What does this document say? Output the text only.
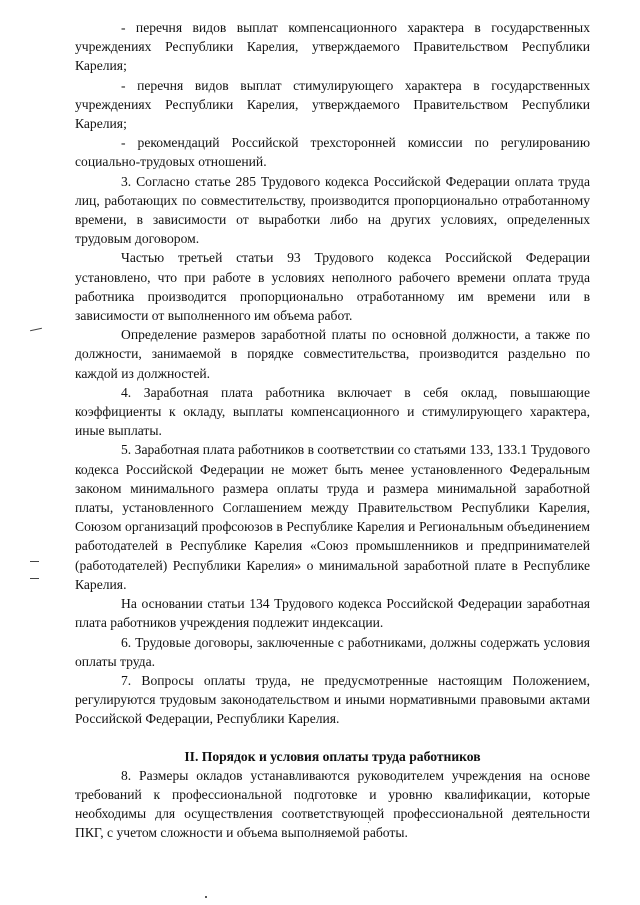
- перечня видов выплат компенсационного характера в государственных учреждениях Республики Карелия, утверждаемого Правительством Республики Карелия;

- перечня видов выплат стимулирующего характера в государственных учреждениях Республики Карелия, утверждаемого Правительством Республики Карелия;

- рекомендаций Российской трехсторонней комиссии по регулированию социально-трудовых отношений.

3. Согласно статье 285 Трудового кодекса Российской Федерации оплата труда лиц, работающих по совместительству, производится пропорционально отработанному времени, в зависимости от выработки либо на других условиях, определенных трудовым договором.

Частью третьей статьи 93 Трудового кодекса Российской Федерации установлено, что при работе в условиях неполного рабочего времени оплата труда работника производится пропорционально отработанному им времени или в зависимости от выполненного им объема работ.

Определение размеров заработной платы по основной должности, а также по должности, занимаемой в порядке совместительства, производится раздельно по каждой из должностей.

4. Заработная плата работника включает в себя оклад, повышающие коэффициенты к окладу, выплаты компенсационного и стимулирующего характера, иные выплаты.

5. Заработная плата работников в соответствии со статьями 133, 133.1 Трудового кодекса Российской Федерации не может быть менее установленного Федеральным законом минимального размера оплаты труда и размера минимальной заработной платы, установленного Соглашением между Правительством Республики Карелия, Союзом организаций профсоюзов в Республике Карелия и Региональным объединением работодателей в Республике Карелия «Союз промышленников и предпринимателей (работодателей) Республики Карелия» о минимальной заработной плате в Республике Карелия.

На основании статьи 134 Трудового кодекса Российской Федерации заработная плата работников учреждения подлежит индексации.

6. Трудовые договоры, заключенные с работниками, должны содержать условия оплаты труда.

7. Вопросы оплаты труда, не предусмотренные настоящим Положением, регулируются трудовым законодательством и иными нормативными правовыми актами Российской Федерации, Республики Карелия.

II. Порядок и условия оплаты труда работников

8. Размеры окладов устанавливаются руководителем учреждения на основе требований к профессиональной подготовке и уровню квалификации, которые необходимы для осуществления соответствующей профессиональной деятельности ПКГ, с учетом сложности и объема выполняемой работы.
